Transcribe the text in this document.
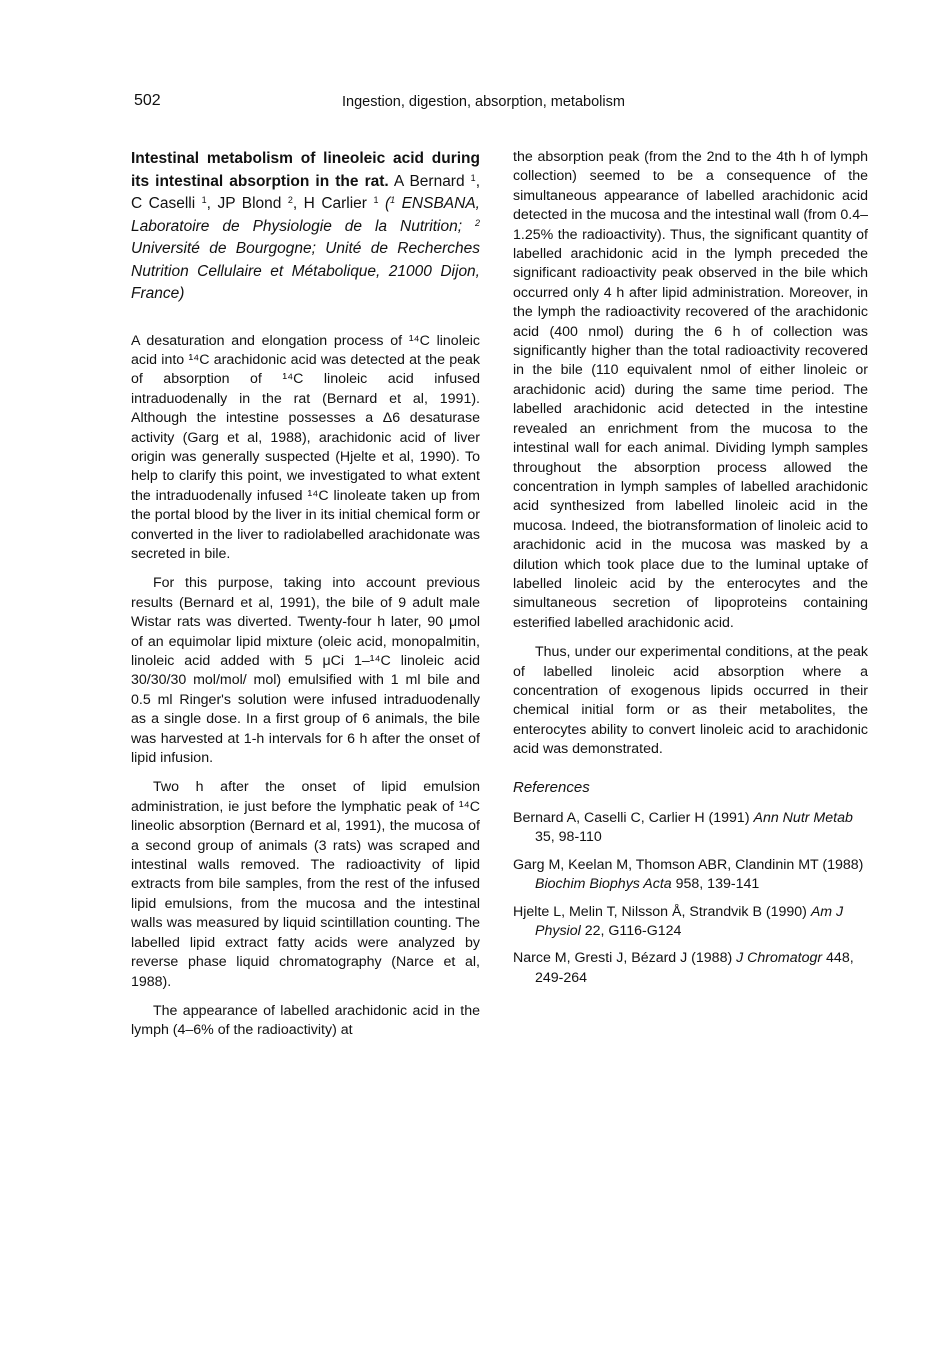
502	Ingestion, digestion, absorption, metabolism
Intestinal metabolism of lineoleic acid during its intestinal absorption in the rat. A Bernard $^1$, C Caselli $^1$, JP Blond $^2$, H Carlier $^1$ ($^1$ ENSBANA, Laboratoire de Physiologie de la Nutrition; $^2$ Université de Bourgogne; Unité de Recherches Nutrition Cellulaire et Métabolique, 21000 Dijon, France)

A desaturation and elongation process of ¹⁴C linoleic acid into ¹⁴C arachidonic acid was detected at the peak of absorption of ¹⁴C linoleic acid infused intraduodenally in the rat (Bernard et al, 1991). Although the intestine possesses a Δ6 desaturase activity (Garg et al, 1988), arachidonic acid of liver origin was generally suspected (Hjelte et al, 1990). To help to clarify this point, we investigated to what extent the intraduodenally infused ¹⁴C linoleate taken up from the portal blood by the liver in its initial chemical form or converted in the liver to radiolabelled arachidonate was secreted in bile.

For this purpose, taking into account previous results (Bernard et al, 1991), the bile of 9 adult male Wistar rats was diverted. Twenty-four h later, 90 μmol of an equimolar lipid mixture (oleic acid, monopalmitin, linoleic acid added with 5 μCi 1–¹⁴C linoleic acid 30/30/30 mol/mol/ mol) emulsified with 1 ml bile and 0.5 ml Ringer's solution were infused intraduodenally as a single dose. In a first group of 6 animals, the bile was harvested at 1-h intervals for 6 h after the onset of lipid infusion.

Two h after the onset of lipid emulsion administration, ie just before the lymphatic peak of ¹⁴C lineolic absorption (Bernard et al, 1991), the mucosa of a second group of animals (3 rats) was scraped and intestinal walls removed. The radioactivity of lipid extracts from bile samples, from the rest of the infused lipid emulsions, from the mucosa and the intestinal walls was measured by liquid scintillation counting. The labelled lipid extract fatty acids were analyzed by reverse phase liquid chromatography (Narce et al, 1988).

The appearance of labelled arachidonic acid in the lymph (4–6% of the radioactivity) at

the absorption peak (from the 2nd to the 4th h of lymph collection) seemed to be a consequence of the simultaneous appearance of labelled arachidonic acid detected in the mucosa and the intestinal wall (from 0.4–1.25% the radioactivity). Thus, the significant quantity of labelled arachidonic acid in the lymph preceded the significant radioactivity peak observed in the bile which occurred only 4 h after lipid administration. Moreover, in the lymph the radioactivity recovered of the arachidonic acid (400 nmol) during the 6 h of collection was significantly higher than the total radioactivity recovered in the bile (110 equivalent nmol of either linoleic or arachidonic acid) during the same time period. The labelled arachidonic acid detected in the intestine revealed an enrichment from the mucosa to the intestinal wall for each animal. Dividing lymph samples throughout the absorption process allowed the concentration in lymph samples of labelled arachidonic acid synthesized from labelled linoleic acid in the mucosa. Indeed, the biotransformation of linoleic acid to arachidonic acid in the mucosa was masked by a dilution which took place due to the luminal uptake of labelled linoleic acid by the enterocytes and the simultaneous secretion of lipoproteins containing esterified labelled arachidonic acid.

Thus, under our experimental conditions, at the peak of labelled linoleic acid absorption where a concentration of exogenous lipids occurred in their chemical initial form or as their metabolites, the enterocytes ability to convert linoleic acid to arachidonic acid was demonstrated.

References
Bernard A, Caselli C, Carlier H (1991) Ann Nutr Metab 35, 98-110
Garg M, Keelan M, Thomson ABR, Clandinin MT (1988) Biochim Biophys Acta 958, 139-141
Hjelte L, Melin T, Nilsson Å, Strandvik B (1990) Am J Physiol 22, G116-G124
Narce M, Gresti J, Bézard J (1988) J Chromatogr 448, 249-264
